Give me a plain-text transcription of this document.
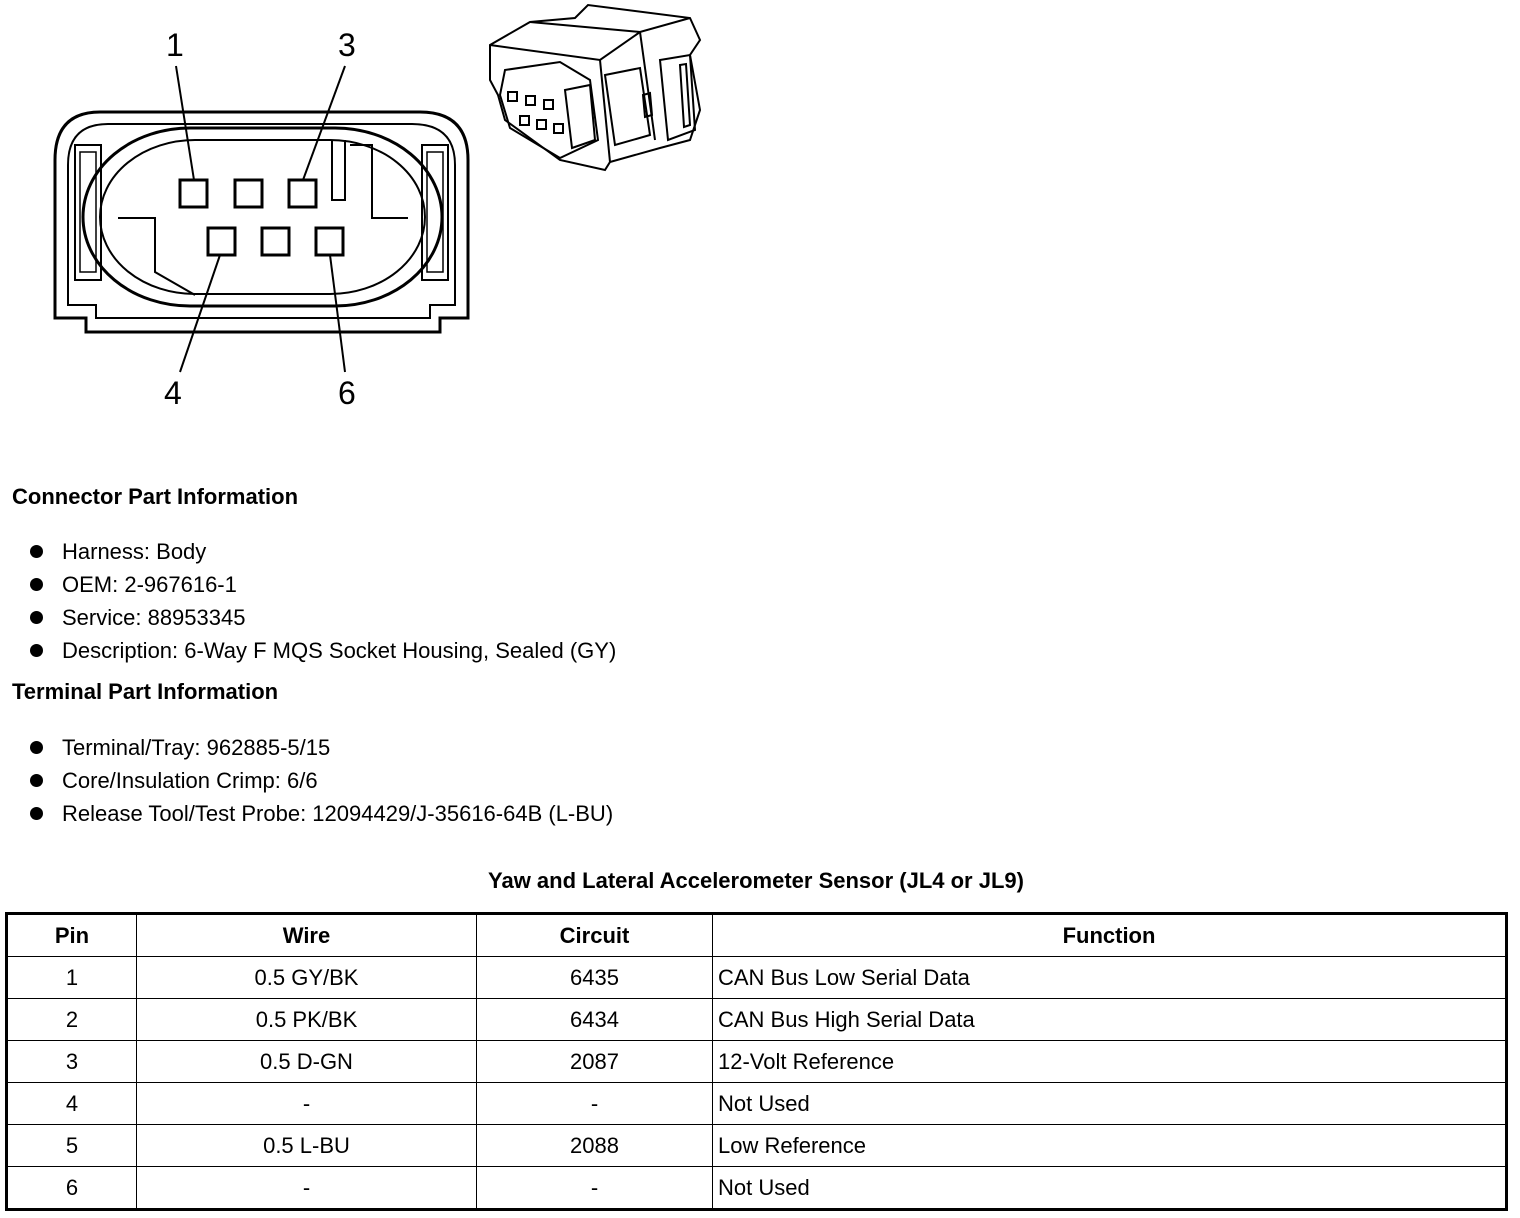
1	3
4	6
Connector Part Information
Harness: Body
OEM: 2-967616-1
Service: 88953345
Description: 6-Way F MQS Socket Housing, Sealed (GY)
Terminal Part Information
Terminal/Tray: 962885-5/15
Core/Insulation Crimp: 6/6
Release Tool/Test Probe: 12094429/J-35616-64B (L-BU)
Yaw and Lateral Accelerometer Sensor (JL4 or JL9)
Pin	Wire	Circuit	Function
1	0.5 GY/BK	6435	CAN Bus Low Serial Data
2	0.5 PK/BK	6434	CAN Bus High Serial Data
3	0.5 D-GN	2087	12-Volt Reference
4	-	-	Not Used
5	0.5 L-BU	2088	Low Reference
6	-	-	Not Used
